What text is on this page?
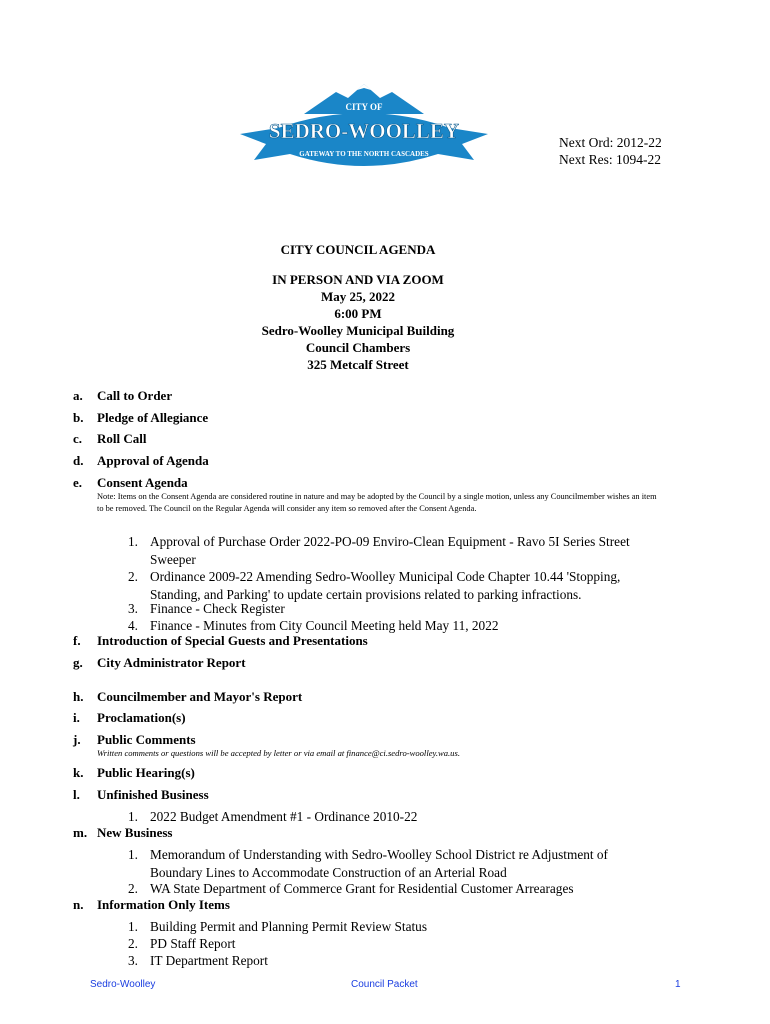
CITY OF
SEDRO-WOOLLEY
GATEWAY TO THE NORTH CASCADES
Next Ord: 2012-22
Next Res: 1094-22
CITY COUNCIL AGENDA
IN PERSON AND VIA ZOOM
May 25, 2022
6:00 PM
Sedro-Woolley Municipal Building
Council Chambers
325 Metcalf Street
a. Call to Order
b. Pledge of Allegiance
c. Roll Call
d. Approval of Agenda
e. Consent Agenda
Note: Items on the Consent Agenda are considered routine in nature and may be adopted by the Council by a single motion, unless any Councilmember wishes an item to be removed. The Council on the Regular Agenda will consider any item so removed after the Consent Agenda.
1. Approval of Purchase Order 2022-PO-09 Enviro-Clean Equipment - Ravo 5I Series Street
Sweeper
2. Ordinance 2009-22 Amending Sedro-Woolley Municipal Code Chapter 10.44 'Stopping,
Standing, and Parking' to update certain provisions related to parking infractions.
3. Finance - Check Register
4. Finance - Minutes from City Council Meeting held May 11, 2022
f. Introduction of Special Guests and Presentations
g. City Administrator Report
h. Councilmember and Mayor's Report
i. Proclamation(s)
j. Public Comments
Written comments or questions will be accepted by letter or via email at finance@ci.sedro-woolley.wa.us.
k. Public Hearing(s)
l. Unfinished Business
1. 2022 Budget Amendment #1 - Ordinance 2010-22
m. New Business
1. Memorandum of Understanding with Sedro-Woolley School District re Adjustment of
Boundary Lines to Accommodate Construction of an Arterial Road
2. WA State Department of Commerce Grant for Residential Customer Arrearages
n. Information Only Items
1. Building Permit and Planning Permit Review Status
2. PD Staff Report
3. IT Department Report
Sedro-Woolley	Council Packet	1
